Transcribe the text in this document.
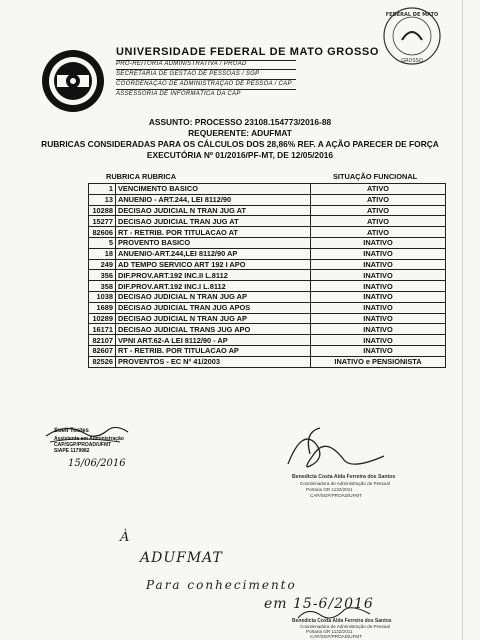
FEDERAL DE MATO
GROSSO
UNIVERSIDADE FEDERAL DE MATO GROSSO
PRÓ-REITORIA ADMINISTRATIVA / PROAD
SECRETARIA DE GESTÃO DE PESSOAS / SGP
COORDENAÇÃO DE ADMINISTRAÇÃO DE PESSOA / CAP
ASSESSORIA DE INFORMÁTICA DA CAP
ASSUNTO: PROCESSO 23108.154773/2016-88
REQUERENTE: ADUFMAT
RUBRICAS CONSIDERADAS PARA OS CÁLCULOS DOS 28,86% REF. A AÇÃO PARECER DE FORÇA
EXECUTÓRIA Nº 01/2016/PF-MT, DE 12/05/2016
RUBRICA RUBRICA	SITUAÇÃO FUNCIONAL
1	VENCIMENTO BASICO	ATIVO
13	ANUENIO - ART.244, LEI 8112/90	ATIVO
10288	DECISAO JUDICIAL N TRAN JUG AT	ATIVO
15277	DECISAO JUDICIAL TRAN JUG AT	ATIVO
82606	RT - RETRIB. POR TITULACAO AT	ATIVO
5	PROVENTO BASICO	INATIVO
18	ANUENIO-ART.244,LEI 8112/90 AP	INATIVO
249	AD TEMPO SERVICO ART 192 I APO	INATIVO
356	DIF.PROV.ART.192 INC.II L.8112	INATIVO
358	DIF.PROV.ART.192 INC.I L.8112	INATIVO
1038	DECISAO JUDICIAL N TRAN JUG AP	INATIVO
1689	DECISAO JUDICIAL TRAN JUG APOS	INATIVO
10289	DECISAO JUDICIAL N TRAN JUG AP	INATIVO
16171	DECISAO JUDICIAL TRANS JUG APO	INATIVO
82107	VPNI ART.62-A LEI 8112/90 - AP	INATIVO
82607	RT - RETRIB. POR TITULACAO AP	INATIVO
82526	PROVENTOS - EC Nº 41/2003	INATIVO e PENSIONISTA
Sueli Tostes
Assistente em Administração
CAP/SGP/PROAD/UFMT
SIAPE 1179982
15/06/2016
Benedicta Costa Alda Ferreira dos Santos
Coordenadora de Administração de Pessoal
Portaria GR 1132/2011
CAP/SGP/PROAD/UFMT
À
ADUFMAT
Para conhecimento
em 15-6/2016
Benedicta Costa Alda Ferreira dos Santos
Coordenadora de Administração de Pessoal
Portaria GR 1132/2011
CAP/SGP/PROAD/UFMT
